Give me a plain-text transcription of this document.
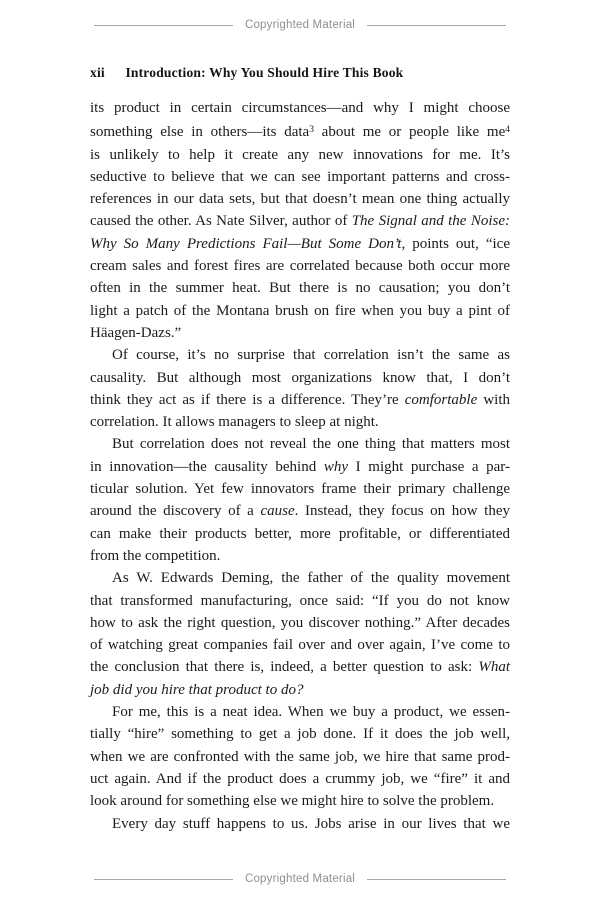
Copyrighted Material
xii Introduction: Why You Should Hire This Book
its product in certain circumstances—and why I might choose
something else in others—its data$^3$ about me or people like $me^4$
is unlikely to help it create any new innovations for me. It’s
seductive to believe that we can see important patterns and cross-
references in our data sets, but that doesn’t mean one thing actually
caused the other. As Nate Silver, author of The Signal and the Noise:
Why So Many Predictions Fail—But Some Don’t, points out, “ice
cream sales and forest fires are correlated because both occur more
often in the summer heat. But there is no causation; you don’t
light a patch of the Montana brush on fire when you buy a pint of
Häagen-Dazs.”
Of course, it’s no surprise that correlation isn’t the same as
causality. But although most organizations know that, I don’t
think they act as if there is a difference. They’re comfortable with
correlation. It allows managers to sleep at night.
But correlation does not reveal the one thing that matters most
in innovation—the causality behind why I might purchase a par-
ticular solution. Yet few innovators frame their primary challenge
around the discovery of a cause. Instead, they focus on how they
can make their products better, more profitable, or differentiated
from the competition.
As W. Edwards Deming, the father of the quality movement
that transformed manufacturing, once said: “If you do not know
how to ask the right question, you discover nothing.” After decades
of watching great companies fail over and over again, I’ve come to
the conclusion that there is, indeed, a better question to ask: What
job did you hire that product to do?
For me, this is a neat idea. When we buy a product, we essen-
tially “hire” something to get a job done. If it does the job well,
when we are confronted with the same job, we hire that same prod-
uct again. And if the product does a crummy job, we “fire” it and
look around for something else we might hire to solve the problem.
Every day stuff happens to us. Jobs arise in our lives that we
Copyrighted Material
